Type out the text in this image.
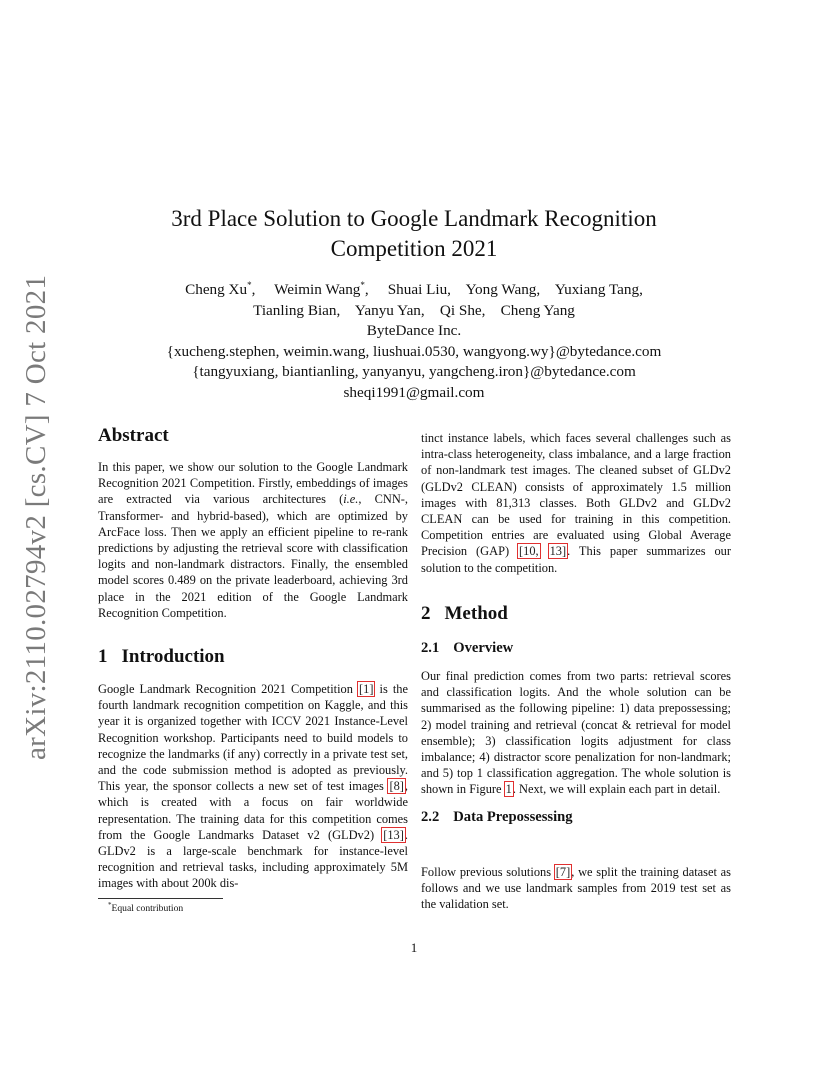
arXiv:2110.02794v2 [cs.CV] 7 Oct 2021
3rd Place Solution to Google Landmark Recognition
Competition 2021
Cheng Xu*,     Weimin Wang*,     Shuai Liu, Yong Wang, Yuxiang Tang,
Tianling Bian,    Yanyu Yan,    Qi She,    Cheng Yang
ByteDance Inc.
{xucheng.stephen, weimin.wang, liushuai.0530, wangyong.wy}@bytedance.com
{tangyuxiang, biantianling, yanyanyu, yangcheng.iron}@bytedance.com
sheqi1991@gmail.com
Abstract
In this paper, we show our solution to the Google Landmark Recognition 2021 Competition. Firstly, embeddings of images are extracted via various architectures (i.e., CNN-, Transformer- and hybrid-based), which are optimized by ArcFace loss. Then we apply an efficient pipeline to re-rank predictions by adjusting the retrieval score with classification logits and non-landmark distractors. Finally, the ensembled model scores 0.489 on the private leaderboard, achieving 3rd place in the 2021 edition of the Google Landmark Recognition Competition.
1 Introduction
Google Landmark Recognition 2021 Competition [1] is the fourth landmark recognition competition on Kaggle, and this year it is organized together with ICCV 2021 Instance-Level Recognition workshop. Participants need to build models to recognize the landmarks (if any) correctly in a private test set, and the code submission method is adopted as previously. This year, the sponsor collects a new set of test images [8], which is created with a focus on fair worldwide representation. The training data for this competition comes from the Google Landmarks Dataset v2 (GLDv2) [13]. GLDv2 is a large-scale benchmark for instance-level recognition and retrieval tasks, including approximately 5M images with about 200k dis-
*Equal contribution
tinct instance labels, which faces several challenges such as intra-class heterogeneity, class imbalance, and a large fraction of non-landmark test images. The cleaned subset of GLDv2 (GLDv2 CLEAN) consists of approximately 1.5 million images with 81,313 classes. Both GLDv2 and GLDv2 CLEAN can be used for training in this competition. Competition entries are evaluated using Global Average Precision (GAP) [10, 13]. This paper summarizes our solution to the competition.
2 Method
2.1 Overview
Our final prediction comes from two parts: retrieval scores and classification logits. And the whole solution can be summarised as the following pipeline: 1) data prepossessing; 2) model training and retrieval (concat & retrieval for model ensemble); 3) classification logits adjustment for class imbalance; 4) distractor score penalization for non-landmark; and 5) top 1 classification aggregation. The whole solution is shown in Figure 1. Next, we will explain each part in detail.
2.2 Data Prepossessing
Follow previous solutions [7], we split the training dataset as follows and we use landmark samples from 2019 test set as the validation set.
1
